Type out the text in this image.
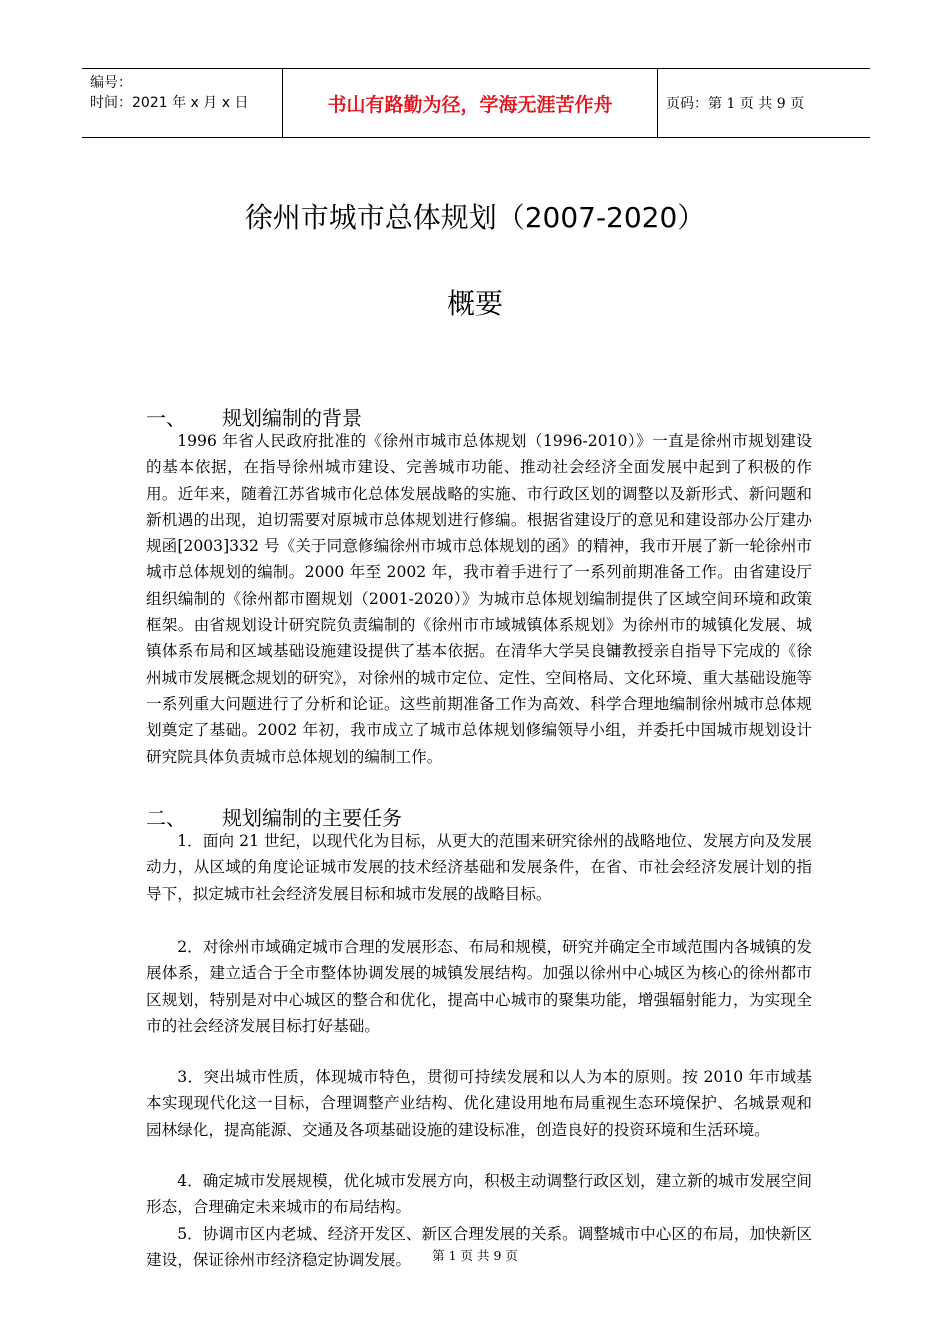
编号：
时间：2021 年 x 月 x 日	书山有路勤为径，学海无涯苦作舟	页码：第 1 页 共 9 页
徐州市城市总体规划（2007-2020）
概要
一、	规划编制的背景
1996 年省人民政府批准的《徐州市城市总体规划（1996-2010）》一直是徐州市规划建设的基本依据，在指导徐州城市建设、完善城市功能、推动社会经济全面发展中起到了积极的作用。近年来，随着江苏省城市化总体发展战略的实施、市行政区划的调整以及新形式、新问题和新机遇的出现，迫切需要对原城市总体规划进行修编。根据省建设厅的意见和建设部办公厅建办规函[2003]332 号《关于同意修编徐州市城市总体规划的函》的精神，我市开展了新一轮徐州市城市总体规划的编制。2000 年至 2002 年，我市着手进行了一系列前期准备工作。由省建设厅组织编制的《徐州都市圈规划（2001-2020）》为城市总体规划编制提供了区域空间环境和政策框架。由省规划设计研究院负责编制的《徐州市市域城镇体系规划》为徐州市的城镇化发展、城镇体系布局和区域基础设施建设提供了基本依据。在清华大学吴良镛教授亲自指导下完成的《徐州城市发展概念规划的研究》，对徐州的城市定位、定性、空间格局、文化环境、重大基础设施等一系列重大问题进行了分析和论证。这些前期准备工作为高效、科学合理地编制徐州城市总体规划奠定了基础。2002 年初，我市成立了城市总体规划修编领导小组，并委托中国城市规划设计研究院具体负责城市总体规划的编制工作。
二、	规划编制的主要任务
1．面向 21 世纪，以现代化为目标，从更大的范围来研究徐州的战略地位、发展方向及发展动力，从区域的角度论证城市发展的技术经济基础和发展条件，在省、市社会经济发展计划的指导下，拟定城市社会经济发展目标和城市发展的战略目标。
2．对徐州市域确定城市合理的发展形态、布局和规模，研究并确定全市域范围内各城镇的发展体系，建立适合于全市整体协调发展的城镇发展结构。加强以徐州中心城区为核心的徐州都市区规划，特别是对中心城区的整合和优化，提高中心城市的聚集功能，增强辐射能力，为实现全市的社会经济发展目标打好基础。
3．突出城市性质，体现城市特色，贯彻可持续发展和以人为本的原则。按 2010 年市域基本实现现代化这一目标，合理调整产业结构、优化建设用地布局重视生态环境保护、名城景观和园林绿化，提高能源、交通及各项基础设施的建设标准，创造良好的投资环境和生活环境。
4．确定城市发展规模，优化城市发展方向，积极主动调整行政区划，建立新的城市发展空间形态，合理确定未来城市的布局结构。
第 1 页 共 9 页
5．协调市区内老城、经济开发区、新区合理发展的关系。调整城市中心区的布局，加快新区建设，保证徐州市经济稳定协调发展。
